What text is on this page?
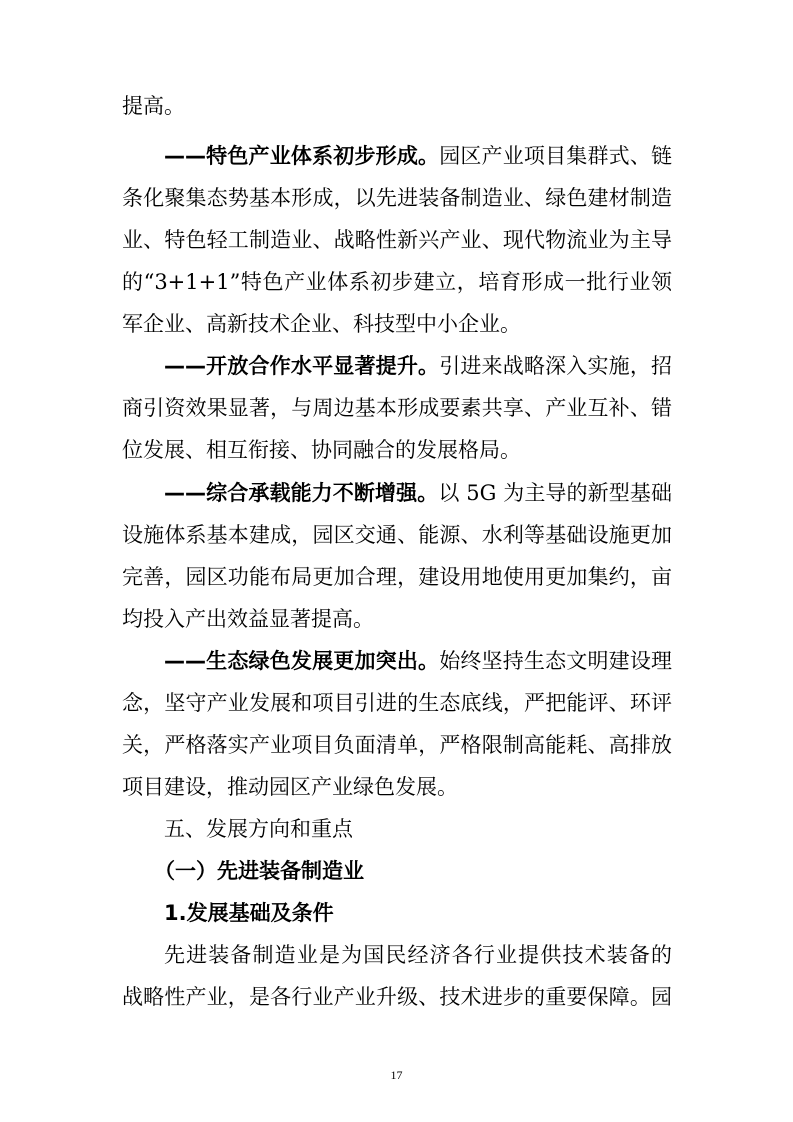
提高。
——特色产业体系初步形成。园区产业项目集群式、链
条化聚集态势基本形成，以先进装备制造业、绿色建材制造
业、特色轻工制造业、战略性新兴产业、现代物流业为主导
的“3+1+1”特色产业体系初步建立，培育形成一批行业领
军企业、高新技术企业、科技型中小企业。
——开放合作水平显著提升。引进来战略深入实施，招
商引资效果显著，与周边基本形成要素共享、产业互补、错
位发展、相互衔接、协同融合的发展格局。
——综合承载能力不断增强。以 5G 为主导的新型基础
设施体系基本建成，园区交通、能源、水利等基础设施更加
完善，园区功能布局更加合理，建设用地使用更加集约，亩
均投入产出效益显著提高。
——生态绿色发展更加突出。始终坚持生态文明建设理
念，坚守产业发展和项目引进的生态底线，严把能评、环评
关，严格落实产业项目负面清单，严格限制高能耗、高排放
项目建设，推动园区产业绿色发展。
五、发展方向和重点
（一）先进装备制造业
1.发展基础及条件
先进装备制造业是为国民经济各行业提供技术装备的
战略性产业，是各行业产业升级、技术进步的重要保障。园
17
